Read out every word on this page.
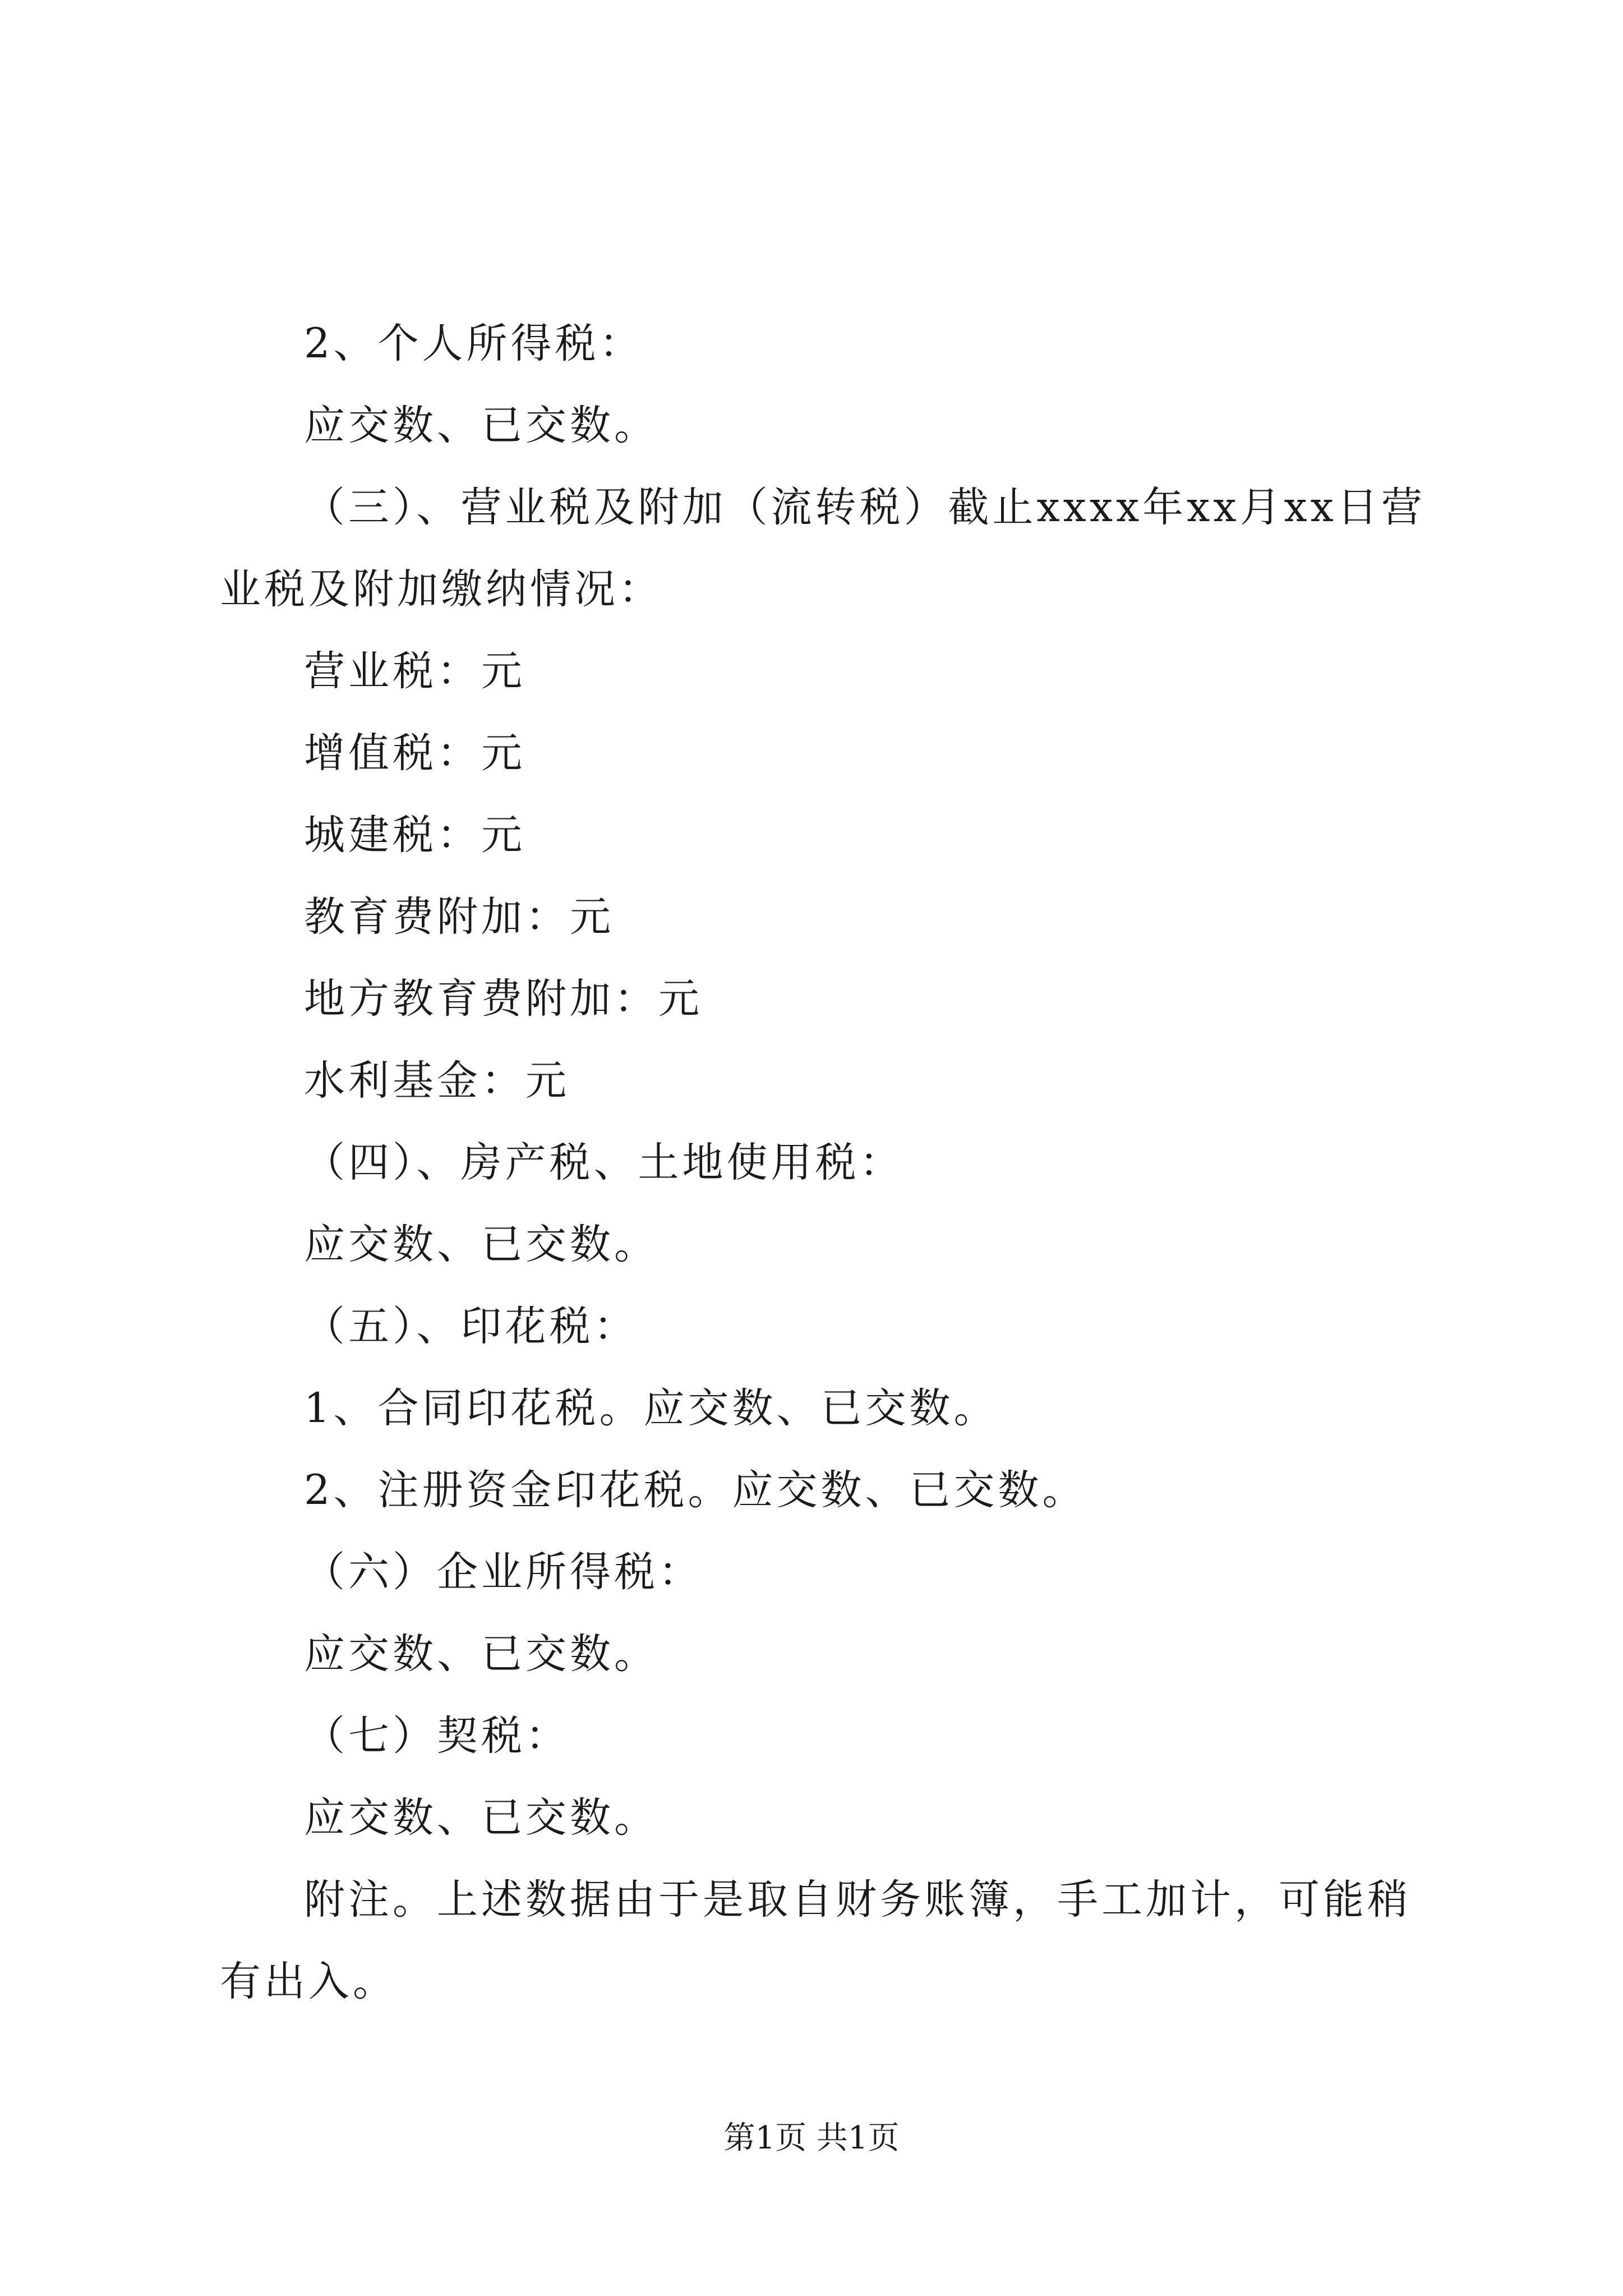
2、个人所得税：

应交数、已交数。

（三）、营业税及附加（流转税）截止xxxx年xx月xx日营业税及附加缴纳情况：

营业税：元

增值税：元

城建税：元

教育费附加：元

地方教育费附加：元

水利基金：元

（四）、房产税、土地使用税：

应交数、已交数。

（五）、印花税：

1、合同印花税。应交数、已交数。

2、注册资金印花税。应交数、已交数。

（六）企业所得税：

应交数、已交数。

（七）契税：

应交数、已交数。

附注。上述数据由于是取自财务账簿，手工加计，可能稍有出入。

第1页 共1页
